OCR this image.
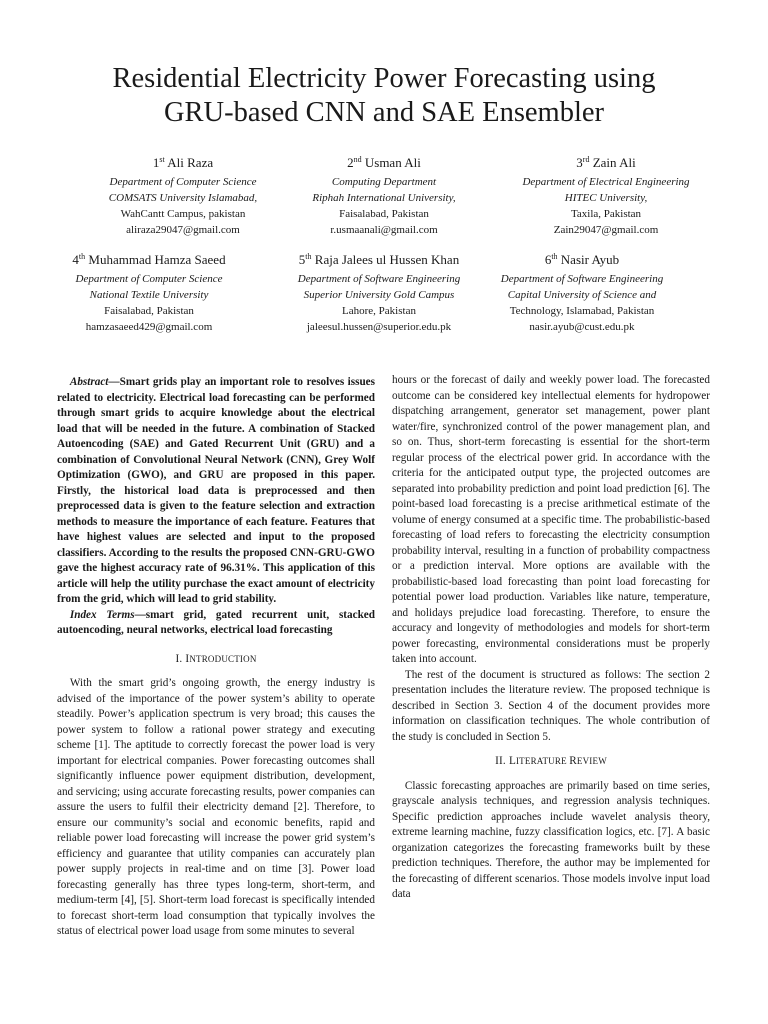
Residential Electricity Power Forecasting using
GRU-based CNN and SAE Ensembler
1st Ali Raza
Department of Computer Science
COMSATS University Islamabad,
WahCantt Campus, pakistan
aliraza29047@gmail.com
2nd Usman Ali
Computing Department
Riphah International University,
Faisalabad, Pakistan
r.usmaanali@gmail.com
3rd Zain Ali
Department of Electrical Engineering
HITEC University,
Taxila, Pakistan
Zain29047@gmail.com
4th Muhammad Hamza Saeed
Department of Computer Science
National Textile University
Faisalabad, Pakistan
hamzasaeed429@gmail.com
5th Raja Jalees ul Hussen Khan
Department of Software Engineering
Superior University Gold Campus
Lahore, Pakistan
jaleesul.hussen@superior.edu.pk
6th Nasir Ayub
Department of Software Engineering
Capital University of Science and
Technology, Islamabad, Pakistan
nasir.ayub@cust.edu.pk

Abstract—Smart grids play an important role to resolves issues related to electricity. Electrical load forecasting can be performed through smart grids to acquire knowledge about the electrical load that will be needed in the future. A combination of Stacked Autoencoding (SAE) and Gated Recurrent Unit (GRU) and a combination of Convolutional Neural Network (CNN), Grey Wolf Optimization (GWO), and GRU are proposed in this paper. Firstly, the historical load data is preprocessed and then preprocessed data is given to the feature selection and extraction methods to measure the importance of each feature. Features that have highest values are selected and input to the proposed classifiers. According to the results the proposed CNN-GRU-GWO gave the highest accuracy rate of 96.31%. This application of this article will help the utility purchase the exact amount of electricity from the grid, which will lead to grid stability.

Index Terms—smart grid, gated recurrent unit, stacked autoencoding, neural networks, electrical load forecasting

I. INTRODUCTION

With the smart grid’s ongoing growth, the energy industry is advised of the importance of the power system’s ability to operate steadily. Power’s application spectrum is very broad; this causes the power system to follow a rational power strategy and executing scheme [1]. The aptitude to correctly forecast the power load is very important for electrical companies. Power forecasting outcomes shall significantly influence power equipment distribution, development, and servicing; using accurate forecasting results, power companies can assure the users to fulfil their electricity demand [2]. Therefore, to ensure our community’s social and economic benefits, rapid and reliable power load forecasting will increase the power grid system’s efficiency and guarantee that utility companies can accurately plan power supply projects in real-time and on time [3]. Power load forecasting generally has three types long-term, short-term, and medium-term [4], [5]. Short-term load forecast is specifically intended to forecast short-term load consumption that typically involves the status of electrical power load usage from some minutes to several

hours or the forecast of daily and weekly power load. The forecasted outcome can be considered key intellectual elements for hydropower dispatching arrangement, generator set management, power plant water/fire, synchronized control of the power management plan, and so on. Thus, short-term forecasting is essential for the short-term regular process of the electrical power grid. In accordance with the criteria for the anticipated output type, the projected outcomes are separated into probability prediction and point load prediction [6]. The point-based load forecasting is a precise arithmetical estimate of the volume of energy consumed at a specific time. The probabilistic-based forecasting of load refers to forecasting the electricity consumption probability interval, resulting in a function of probability compactness or a prediction interval. More options are available with the probabilistic-based load forecasting than point load forecasting for potential power load production. Variables like nature, temperature, and holidays prejudice load forecasting. Therefore, to ensure the accuracy and longevity of methodologies and models for short-term power forecasting, environmental considerations must be properly taken into account.

The rest of the document is structured as follows: The section 2 presentation includes the literature review. The proposed technique is described in Section 3. Section 4 of the document provides more information on classification techniques. The whole contribution of the study is concluded in Section 5.

II. LITERATURE REVIEW

Classic forecasting approaches are primarily based on time series, grayscale analysis techniques, and regression analysis techniques. Specific prediction approaches include wavelet analysis theory, extreme learning machine, fuzzy classification logics, etc. [7]. A basic organization categorizes the forecasting frameworks built by these prediction techniques. Therefore, the author may be implemented for the forecasting of different scenarios. Those models involve input load data
